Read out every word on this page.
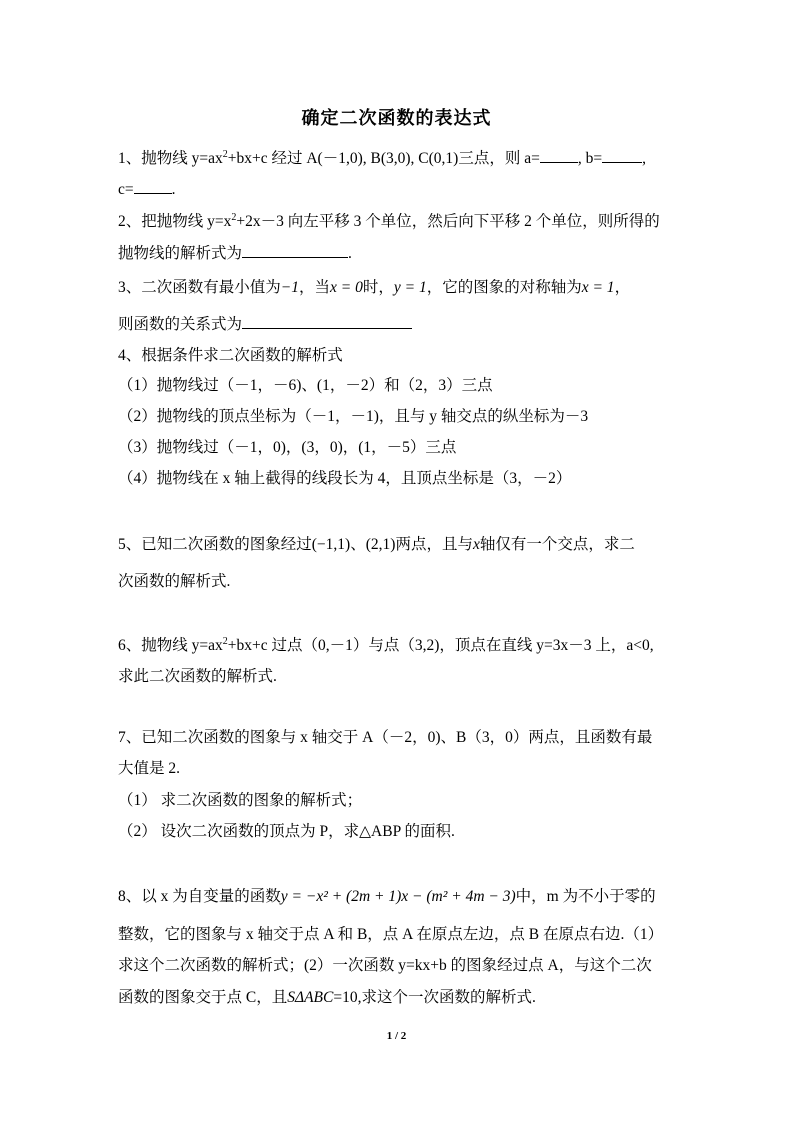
确定二次函数的表达式
1、抛物线 $y=ax^2+bx+c$ 经过 A(－1,0), B(3,0), C(0,1)三点，则 a= , b=	,
c= .
2、把抛物线 $y=x^2+2x-3$ 向左平移 3 个单位，然后向下平移 2 个单位，则所得的
抛物线的解析式为	.
3、二次函数有最小值为−1，当x = 0时，y = 1，它的图象的对称轴为x = 1，
则函数的关系式为
4、根据条件求二次函数的解析式
（1）抛物线过（－1，－6)、(1，－2）和（2，3）三点
（2）抛物线的顶点坐标为（－1，－1)，且与 y 轴交点的纵坐标为－3
（3）抛物线过（－1，0)，(3，0)，(1，－5）三点
（4）抛物线在 x 轴上截得的线段长为 4，且顶点坐标是（3，－2）
5、已知二次函数的图象经过(−1,1)、(2,1)两点，且与x轴仅有一个交点，求二
次函数的解析式.
6、抛物线 $y=ax^2+bx+c$ 过点（0,－1）与点（3,2)，顶点在直线 y=3x－3 上，a<0,
求此二次函数的解析式.
7、已知二次函数的图象与 x 轴交于 A（－2，0)、B（3，0）两点，且函数有最
大值是 2.
（1） 求二次函数的图象的解析式；
（2） 设次二次函数的顶点为 P，求△ABP 的面积.
8、以 x 为自变量的函数y = −x² + (2m + 1)x − (m² + 4m − 3)中，m 为不小于零的
整数，它的图象与 x 轴交于点 A 和 B，点 A 在原点左边，点 B 在原点右边.（1）
求这个二次函数的解析式；(2）一次函数 y=kx+b 的图象经过点 A，与这个二次
函数的图象交于点 C，且SΔABC=10,求这个一次函数的解析式.
1 / 2
